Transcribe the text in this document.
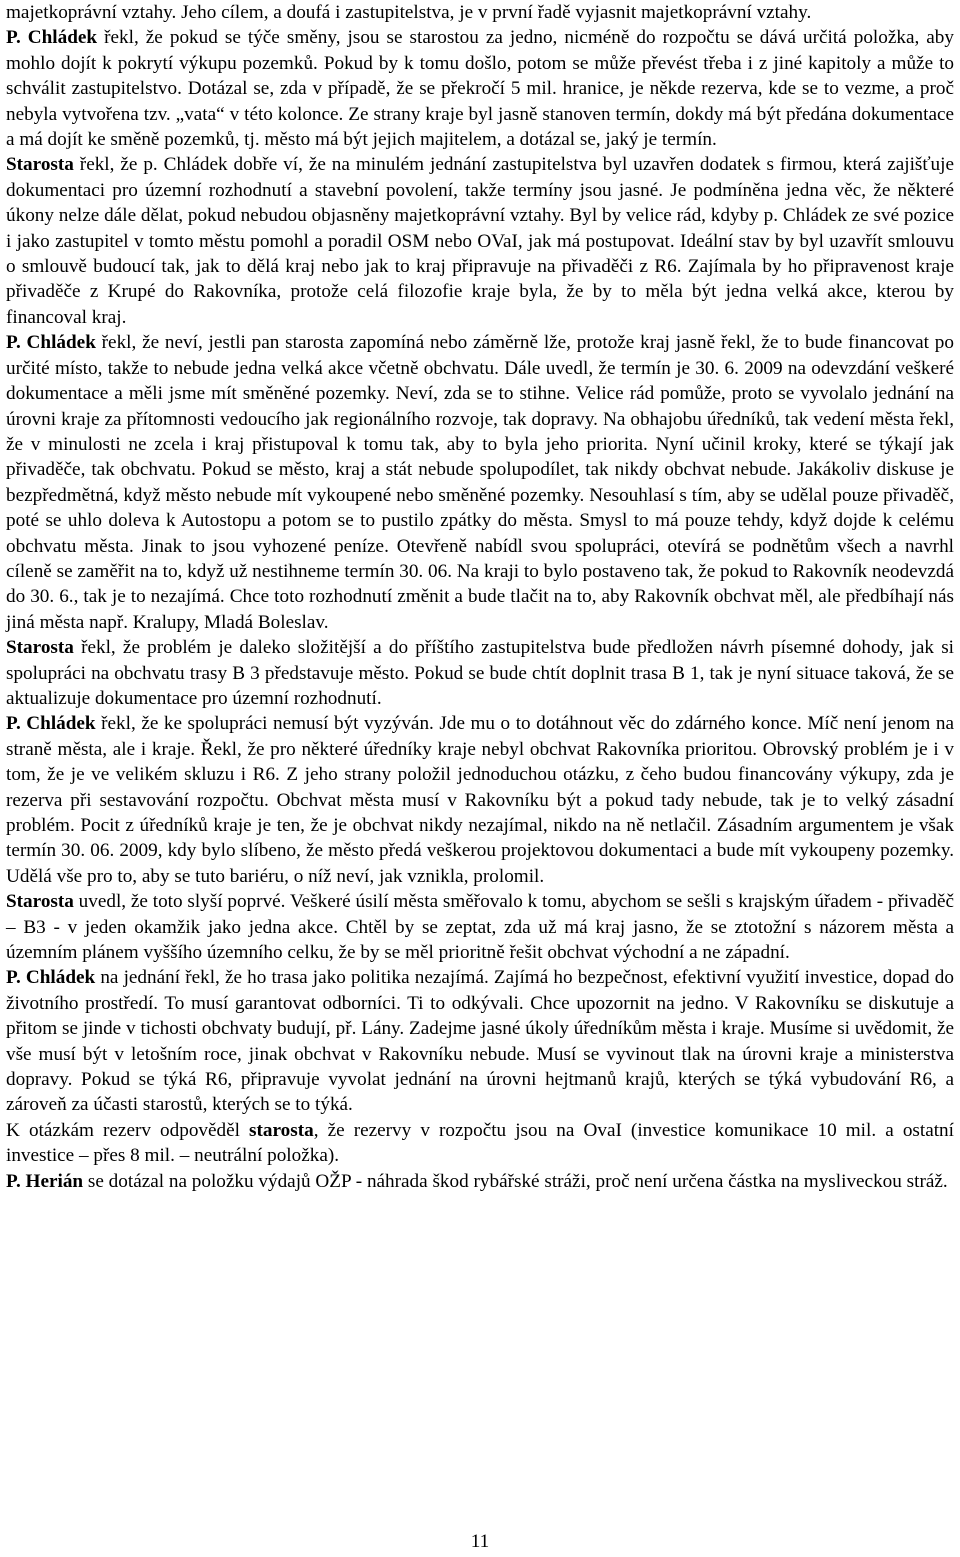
majetkoprávní vztahy. Jeho cílem, a doufá i zastupitelstva, je v první řadě vyjasnit majetkoprávní vztahy.

P. Chládek řekl, že pokud se týče směny, jsou se starostou za jedno, nicméně do rozpočtu se dává určitá položka, aby mohlo dojít k pokrytí výkupu pozemků. Pokud by k tomu došlo, potom se může převést třeba i z jiné kapitoly a může to schválit zastupitelstvo. Dotázal se, zda v případě, že se překročí 5 mil. hranice, je někde rezerva, kde se to vezme, a proč nebyla vytvořena tzv. „vata“ v této kolonce. Ze strany kraje byl jasně stanoven termín, dokdy má být předána dokumentace a má dojít ke směně pozemků, tj. město má být jejich majitelem, a dotázal se, jaký je termín.

Starosta řekl, že p. Chládek dobře ví, že na minulém jednání zastupitelstva byl uzavřen dodatek s firmou, která zajišťuje dokumentaci pro územní rozhodnutí a stavební povolení, takže termíny jsou jasné. Je podmíněna jedna věc, že některé úkony nelze dále dělat, pokud nebudou objasněny majetkoprávní vztahy. Byl by velice rád, kdyby p. Chládek ze své pozice i jako zastupitel v tomto městu pomohl a poradil OSM nebo OVaI, jak má postupovat. Ideální stav by byl uzavřít smlouvu o smlouvě budoucí tak, jak to dělá kraj nebo jak to kraj připravuje na přivaděči z R6. Zajímala by ho připravenost kraje přivaděče z Krupé do Rakovníka, protože celá filozofie kraje byla, že by to měla být jedna velká akce, kterou by financoval kraj.

P. Chládek řekl, že neví, jestli pan starosta zapomíná nebo záměrně lže, protože kraj jasně řekl, že to bude financovat po určité místo, takže to nebude jedna velká akce včetně obchvatu. Dále uvedl, že termín je 30. 6. 2009 na odevzdání veškeré dokumentace a měli jsme mít směněné pozemky. Neví, zda se to stihne. Velice rád pomůže, proto se vyvolalo jednání na úrovni kraje za přítomnosti vedoucího jak regionálního rozvoje, tak dopravy. Na obhajobu úředníků, tak vedení města řekl, že v minulosti ne zcela i kraj přistupoval k tomu tak, aby to byla jeho priorita. Nyní učinil kroky, které se týkají jak přivaděče, tak obchvatu. Pokud se město, kraj a stát nebude spolupodílet, tak nikdy obchvat nebude. Jakákoliv diskuse je bezpředmětná, když město nebude mít vykoupené nebo směněné pozemky. Nesouhlasí s tím, aby se udělal pouze přivaděč, poté se uhlo doleva k Autostopu a potom se to pustilo zpátky do města. Smysl to má pouze tehdy, když dojde k celému obchvatu města. Jinak to jsou vyhozené peníze. Otevřeně nabídl svou spolupráci, otevírá se podnětům všech a navrhl cíleně se zaměřit na to, když už nestihneme termín 30. 06. Na kraji to bylo postaveno tak, že pokud to Rakovník neodevzdá do 30. 6., tak je to nezajímá. Chce toto rozhodnutí změnit a bude tlačit na to, aby Rakovník obchvat měl, ale předbíhají nás jiná města např. Kralupy, Mladá Boleslav.

Starosta řekl, že problém je daleko složitější a do příštího zastupitelstva bude předložen návrh písemné dohody, jak si spolupráci na obchvatu trasy B 3 představuje město. Pokud se bude chtít doplnit trasa B 1, tak je nyní situace taková, že se aktualizuje dokumentace pro územní rozhodnutí.

P. Chládek řekl, že ke spolupráci nemusí být vyzýván. Jde mu o to dotáhnout věc do zdárného konce. Míč není jenom na straně města, ale i kraje. Řekl, že pro některé úředníky kraje nebyl obchvat Rakovníka prioritou. Obrovský problém je i v tom, že je ve velikém skluzu i R6. Z jeho strany položil jednoduchou otázku, z čeho budou financovány výkupy, zda je rezerva při sestavování rozpočtu. Obchvat města musí v Rakovníku být a pokud tady nebude, tak je to velký zásadní problém. Pocit z úředníků kraje je ten, že je obchvat nikdy nezajímal, nikdo na ně netlačil. Zásadním argumentem je však termín 30. 06. 2009, kdy bylo slíbeno, že město předá veškerou projektovou dokumentaci a bude mít vykoupeny pozemky. Udělá vše pro to, aby se tuto bariéru, o níž neví, jak vznikla, prolomil.

Starosta uvedl, že toto slyší poprvé. Veškeré úsilí města směřovalo k tomu, abychom se sešli s krajským úřadem - přivaděč – B3 - v jeden okamžik jako jedna akce. Chtěl by se zeptat, zda už má kraj jasno, že se ztotožní s názorem města a územním plánem vyššího územního celku, že by se měl prioritně řešit obchvat východní a ne západní.

P. Chládek na jednání řekl, že ho trasa jako politika nezajímá. Zajímá ho bezpečnost, efektivní využití investice, dopad do životního prostředí. To musí garantovat odborníci. Ti to odkývali. Chce upozornit na jedno. V Rakovníku se diskutuje a přitom se jinde v tichosti obchvaty budují, př. Lány. Zadejme jasné úkoly úředníkům města i kraje. Musíme si uvědomit, že vše musí být v letošním roce, jinak obchvat v Rakovníku nebude. Musí se vyvinout tlak na úrovni kraje a ministerstva dopravy. Pokud se týká R6, připravuje vyvolat jednání na úrovni hejtmanů krajů, kterých se týká vybudování R6, a zároveň za účasti starostů, kterých se to týká.

K otázkám rezerv odpověděl starosta, že rezervy v rozpočtu jsou na OvaI (investice komunikace 10 mil. a ostatní investice – přes 8 mil. – neutrální položka).

P. Herián se dotázal na položku výdajů OŽP - náhrada škod rybářské stráži, proč není určena částka na mysliveckou stráž.

11
